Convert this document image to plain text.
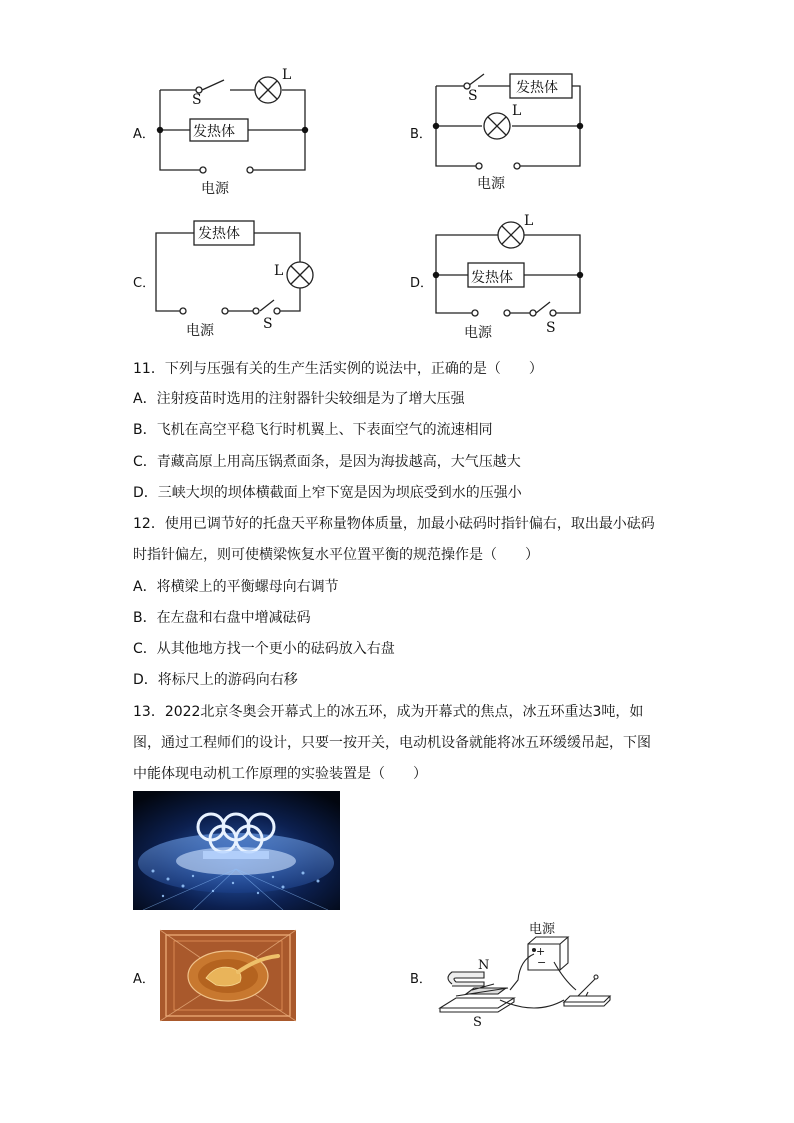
A．	发热体
电源
S
L
B．
发热体
电源
S
L
C．
发热体
电源	S
L
D．	发热体
电源	S
L
11．下列与压强有关的生产生活实例的说法中，正确的是（　　）
A．注射疫苗时选用的注射器针尖较细是为了增大压强
B．飞机在高空平稳飞行时机翼上、下表面空气的流速相同
C．青藏高原上用高压锅煮面条，是因为海拔越高，大气压越大
D．三峡大坝的坝体横截面上窄下宽是因为坝底受到水的压强小
12．使用已调节好的托盘天平称量物体质量，加最小砝码时指针偏右，取出最小砝码
时指针偏左，则可使横梁恢复水平位置平衡的规范操作是（　　）
A．将横梁上的平衡螺母向右调节
B．在左盘和右盘中增减砝码
C．从其他地方找一个更小的砝码放入右盘
D．将标尺上的游码向右移
13．2022北京冬奥会开幕式上的冰五环，成为开幕式的焦点，冰五环重达3吨，如
图，通过工程师们的设计，只要一按开关，电动机设备就能将冰五环缓缓吊起，下图
中能体现电动机工作原理的实验装置是（　　）
A．	B．
电源
N
S
+
−
